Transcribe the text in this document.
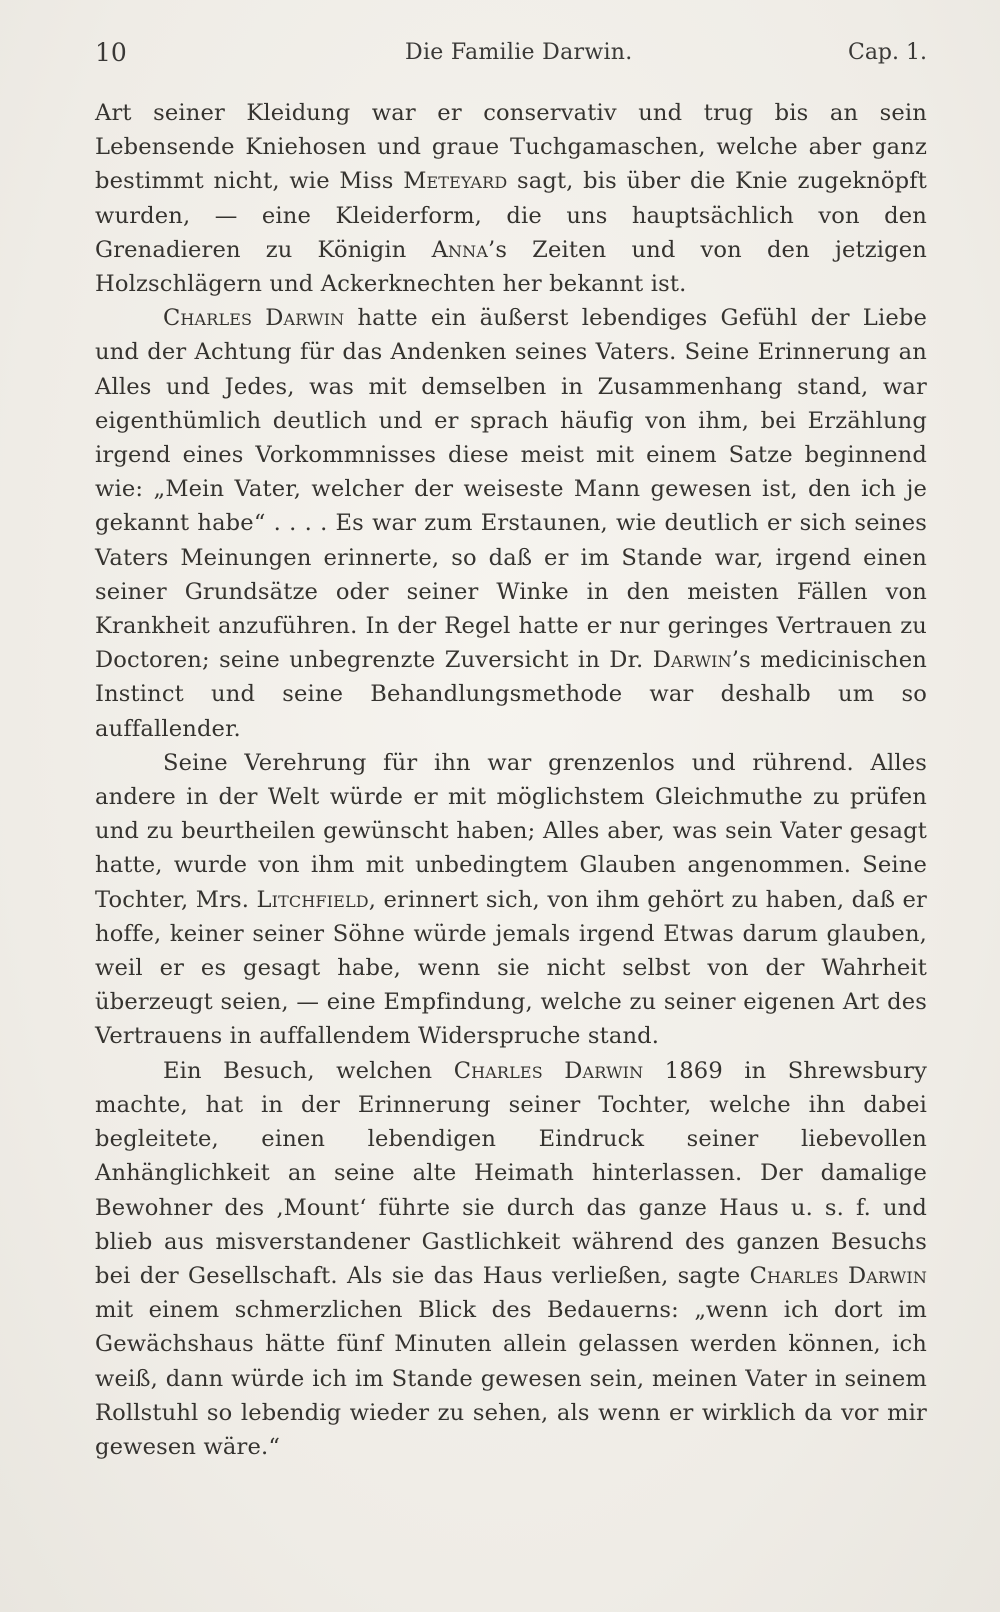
10	Die Familie Darwin.	Cap. 1.

Art seiner Kleidung war er conservativ und trug bis an sein Lebensende Kniehosen und graue Tuchgamaschen, welche aber ganz bestimmt nicht, wie Miss Meteyard sagt, bis über die Knie zugeknöpft wurden, — eine Kleiderform, die uns hauptsächlich von den Grenadieren zu Königin Anna’s Zeiten und von den jetzigen Holzschlägern und Ackerknechten her bekannt ist.

Charles Darwin hatte ein äußerst lebendiges Gefühl der Liebe und der Achtung für das Andenken seines Vaters. Seine Erinnerung an Alles und Jedes, was mit demselben in Zusammenhang stand, war eigenthümlich deutlich und er sprach häufig von ihm, bei Erzählung irgend eines Vorkommnisses diese meist mit einem Satze beginnend wie: „Mein Vater, welcher der weiseste Mann gewesen ist, den ich je gekannt habe“ . . . . Es war zum Erstaunen, wie deutlich er sich seines Vaters Meinungen erinnerte, so daß er im Stande war, irgend einen seiner Grundsätze oder seiner Winke in den meisten Fällen von Krankheit anzuführen. In der Regel hatte er nur geringes Vertrauen zu Doctoren; seine unbegrenzte Zuversicht in Dr. Darwin’s medicinischen Instinct und seine Behandlungsmethode war deshalb um so auffallender.

Seine Verehrung für ihn war grenzenlos und rührend. Alles andere in der Welt würde er mit möglichstem Gleichmuthe zu prüfen und zu beurtheilen gewünscht haben; Alles aber, was sein Vater gesagt hatte, wurde von ihm mit unbedingtem Glauben angenommen. Seine Tochter, Mrs. Litchfield, erinnert sich, von ihm gehört zu haben, daß er hoffe, keiner seiner Söhne würde jemals irgend Etwas darum glauben, weil er es gesagt habe, wenn sie nicht selbst von der Wahrheit überzeugt seien, — eine Empfindung, welche zu seiner eigenen Art des Vertrauens in auffallendem Widerspruche stand.

Ein Besuch, welchen Charles Darwin 1869 in Shrewsbury machte, hat in der Erinnerung seiner Tochter, welche ihn dabei begleitete, einen lebendigen Eindruck seiner liebevollen Anhänglichkeit an seine alte Heimath hinterlassen. Der damalige Bewohner des ‚Mount‘ führte sie durch das ganze Haus u. s. f. und blieb aus misverstandener Gastlichkeit während des ganzen Besuchs bei der Gesellschaft. Als sie das Haus verließen, sagte Charles Darwin mit einem schmerzlichen Blick des Bedauerns: „wenn ich dort im Gewächshaus hätte fünf Minuten allein gelassen werden können, ich weiß, dann würde ich im Stande gewesen sein, meinen Vater in seinem Rollstuhl so lebendig wieder zu sehen, als wenn er wirklich da vor mir gewesen wäre.“
